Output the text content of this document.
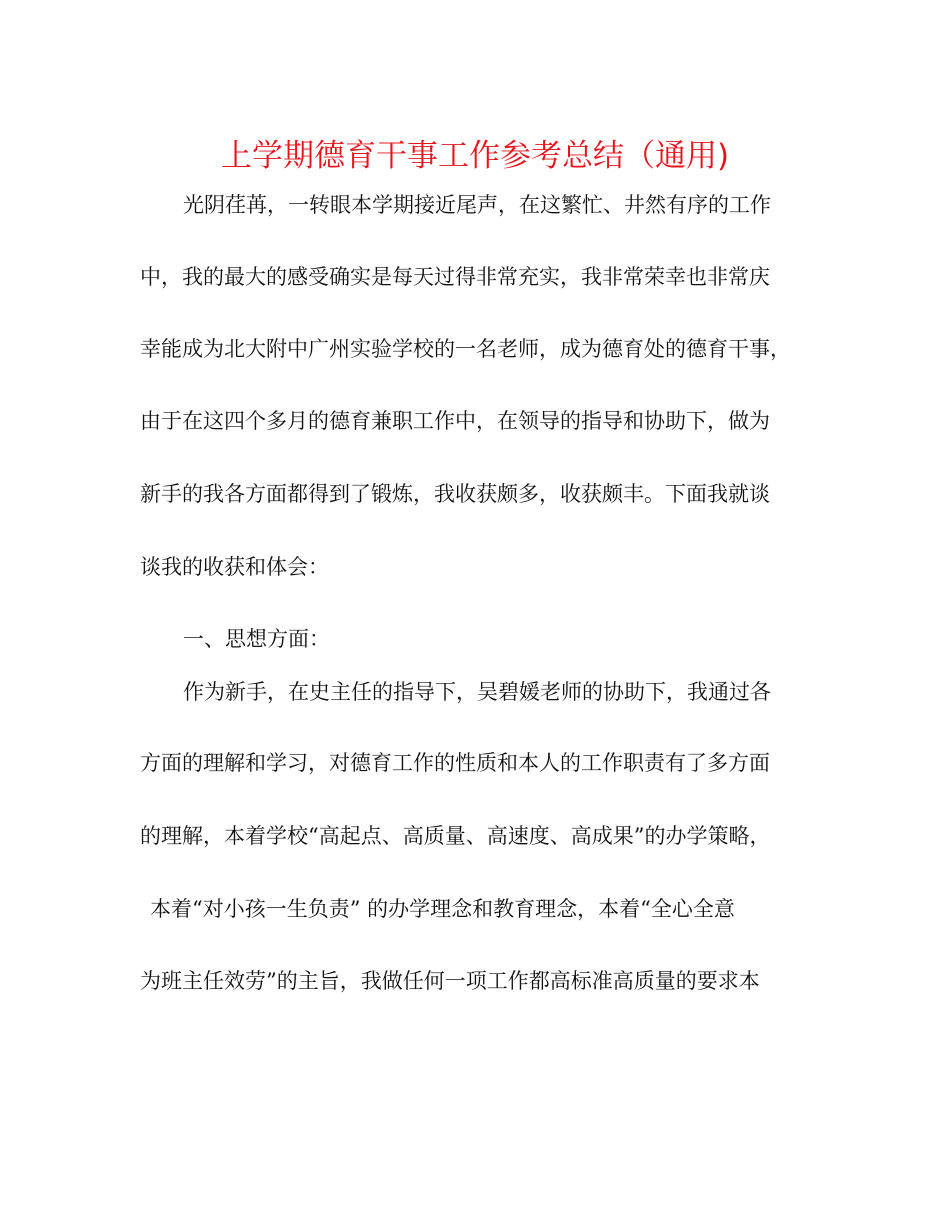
上学期德育干事工作参考总结（通用)
光阴荏苒，一转眼本学期接近尾声，在这繁忙、井然有序的工作
中，我的最大的感受确实是每天过得非常充实，我非常荣幸也非常庆
幸能成为北大附中广州实验学校的一名老师，成为德育处的德育干事，
由于在这四个多月的德育兼职工作中，在领导的指导和协助下，做为
新手的我各方面都得到了锻炼，我收获颇多，收获颇丰。下面我就谈
谈我的收获和体会：
一、思想方面：
作为新手，在史主任的指导下，吴碧媛老师的协助下，我通过各
方面的理解和学习，对德育工作的性质和本人的工作职责有了多方面
的理解，本着学校“高起点、高质量、高速度、高成果”的办学策略，
本着“对小孩一生负责” 的办学理念和教育理念，本着“全心全意
为班主任效劳”的主旨，我做任何一项工作都高标准高质量的要求本
